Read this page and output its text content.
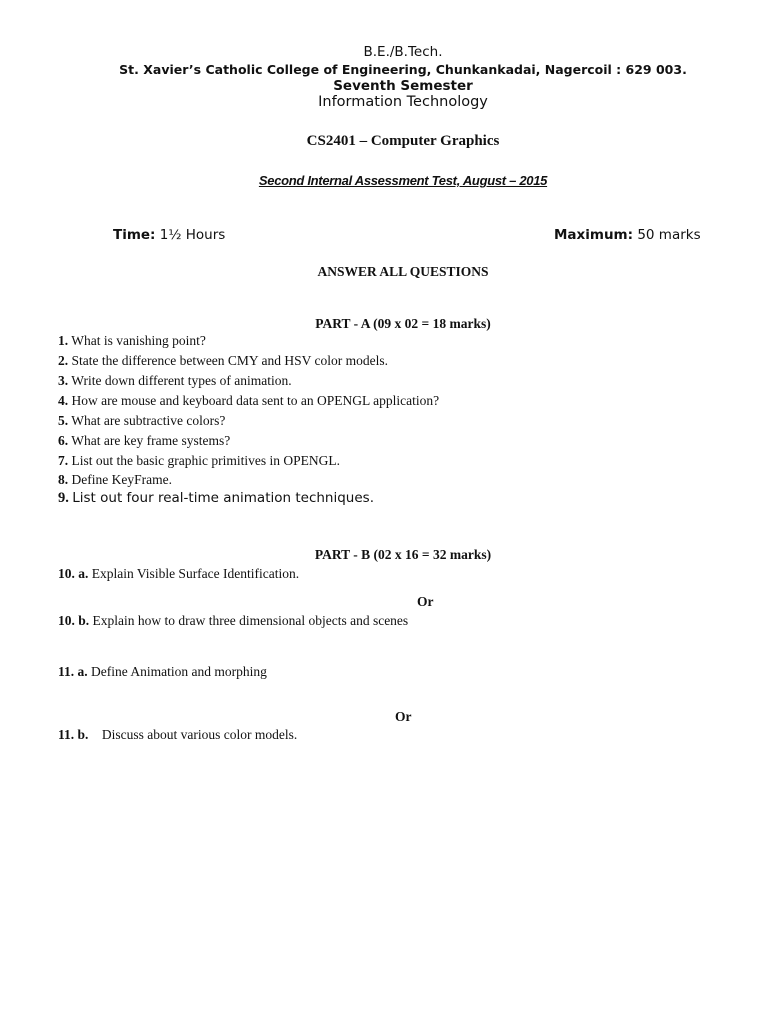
B.E./B.Tech.
St. Xavier’s Catholic College of Engineering, Chunkankadai, Nagercoil : 629 003.
Seventh Semester
Information Technology
CS2401 – Computer Graphics
Second Internal Assessment Test, August – 2015
Time: 1½ Hours	Maximum: 50 marks
ANSWER ALL QUESTIONS
PART - A (09 x 02 = 18 marks)
1. What is vanishing point?
2. State the difference between CMY and HSV color models.
3. Write down different types of animation.
4. How are mouse and keyboard data sent to an OPENGL application?
5. What are subtractive colors?
6. What are key frame systems?
7. List out the basic graphic primitives in OPENGL.
8. Define KeyFrame.
9. List out four real-time animation techniques.
PART - B (02 x 16 = 32 marks)
10. a. Explain Visible Surface Identification.
Or
10. b. Explain how to draw three dimensional objects and scenes
11. a. Define Animation and morphing
Or
11. b. Discuss about various color models.
